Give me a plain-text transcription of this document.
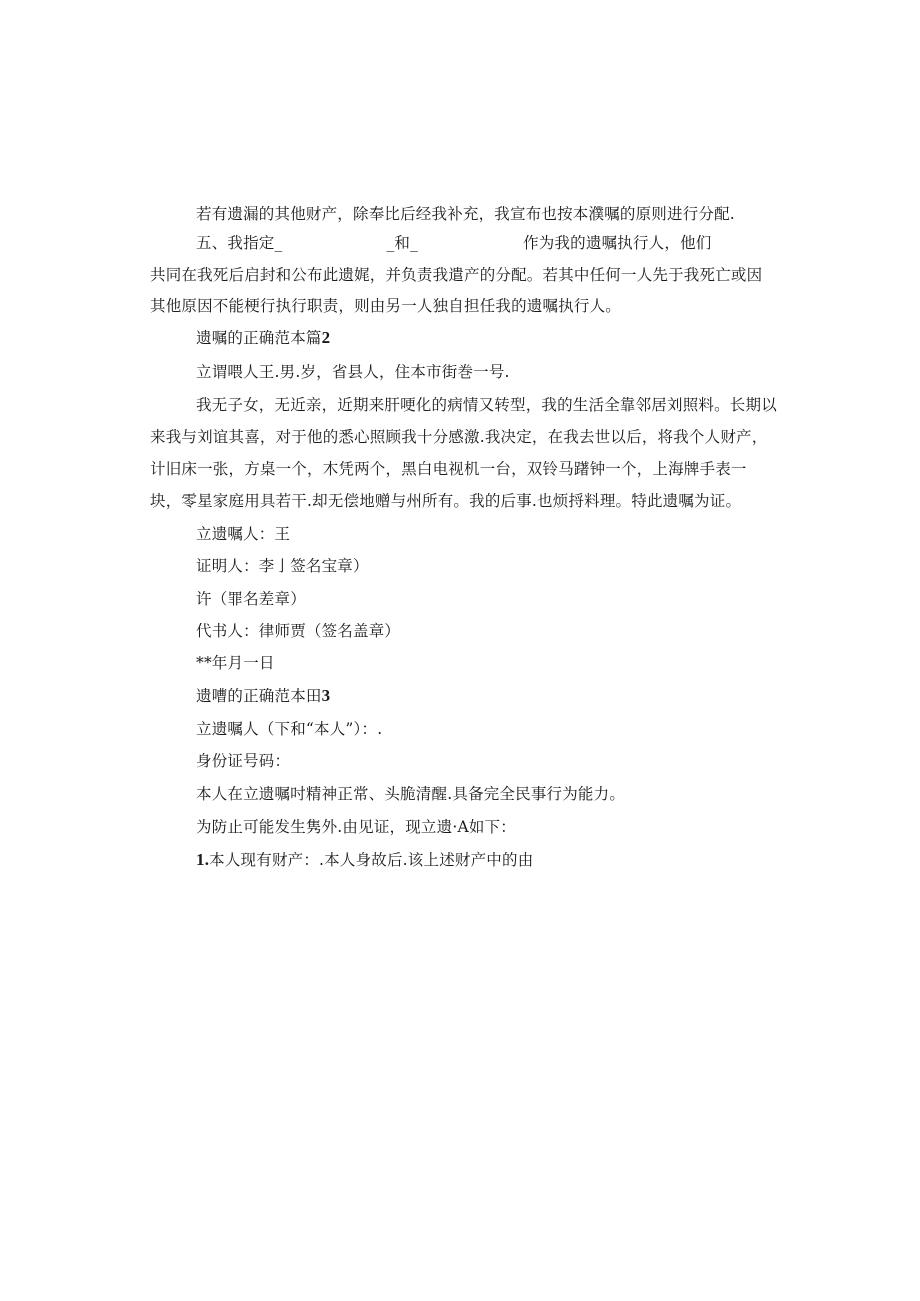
若有遗漏的其他财产，除奉比后经我补充，我宣布也按本濮嘱的原则进行分配.
五、我指定_	_和_	作为我的遗嘱执行人，他们
共同在我死后启封和公布此遗娓，并负责我遣产的分配。若其中任何一人先于我死亡或因
其他原因不能梗行执行职责，则由另一人独自担任我的遗嘱执行人。
遗嘱的正确范本篇2
立谓喂人王.男.岁，省县人，住本市街巻一号.
我无子女，无近亲，近期来肝哽化的病情又转型，我的生活全靠邻居刘照料。长期以
来我与刘谊其喜，对于他的悉心照顾我十分感激.我决定，在我去世以后，将我个人财产，
计旧床一张，方桌一个，木凭两个，黑白电视机一台，双铃马躇钟一个，上海牌手表一
块，零星家庭用具若干.却无偿地赠与州所有。我的后事.也烦捋料理。特此遗嘱为证。
立遗嘱人：王
证明人：李亅签名宝章）
许（罪名差章）
代书人：律师贾（签名盖章）
**年月一日
遗嘈的正确范本田3
立遗嘱人（下和“本人”）：.
身份证号码：
本人在立遗嘱吋精神正常、头脆清醒.具备完全民事行为能力。
为防止可能发生隽外.由见证，现立遗·A如下：
1.本人现有财产：.本人身故后.该上述财产中的由
